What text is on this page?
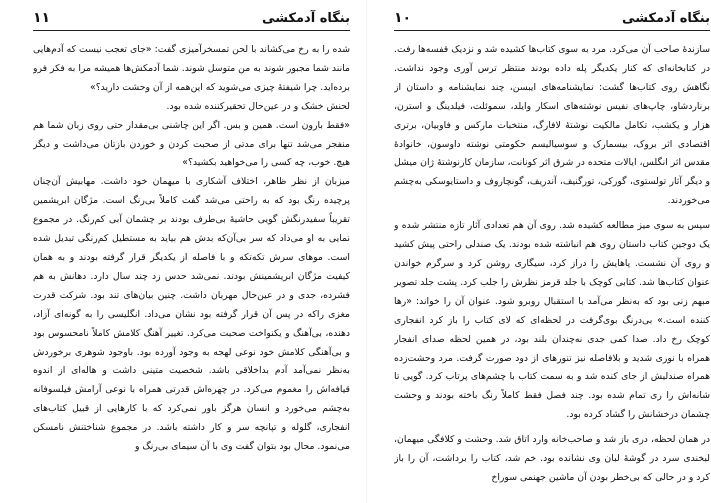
بنگاه آدمکشی
۱۱

شده را به رخ می‌کشاند با لحن تمسخرآمیزی گفت: «جای تعجب نیست که آدم‌هایی مانند شما مجبور شوند به من متوسل شوند. شما آدمکش‌ها همیشه مرا به فکر فرو برده‌اید. چرا شیفتهٔ چیزی می‌شوید که این‌همه از آن وحشت دارید؟»

لحنش خشک و در عین‌حال تحقیرکننده شده بود.

«فقط بارون است. همین و بس. اگر این چاشنی بی‌مقدار حتی روی زبان شما هم منفجر می‌شد تنها برای مدتی از صحبت کردن و خوردن بازتان می‌داشت و دیگر هیچ. خوب، چه کسی را می‌خواهید بکشید؟»

میزبان از نظر ظاهر، اختلاف آشکاری با میهمان خود داشت. مهابیش آن‌چنان پرچیده رنگ بود که به راحتی می‌شد گفت کاملاً بی‌رنگ است. مژگان ابریشمین تقریباً سفیدرنگش گویی حاشیهٔ بی‌طرف بودند بر چشمان آبی کم‌رنگ. در مجموع نمایی به او می‌داد که سر بی‌آن‌که بدش هم بیاید به مستطیل کم‌رنگی تبدیل شده است. موهای سرش تکه‌تکه و با فاصله از یکدیگر قرار گرفته بودند و به همان کیفیت مژگان ابریشمینش بودند. نمی‌شد حدس زد چند سال دارد. دهانش به هم فشرده، جدی و در عین‌حال مهربان داشت. چنین بیان‌های تند بود. شرکت قدرت مغزی راکه در پس آن قرار گرفته بود نشان می‌داد. انگلیسی را به گونه‌ای آزاد، دهنده، بی‌آهنگ و یکنواخت صحبت می‌کرد. تغییر آهنگ کلامش کاملاً نامحسوس بود و بی‌آهنگی کلامش خود نوعی لهجه به وجود آورده بود. باوجود شوهری برخوردش به‌نظر نمی‌آمد آدم بداخلاقی باشد. شخصیت متینی داشت و هاله‌ای از اندوه قیافه‌اش را مغموم می‌کرد. در چهره‌اش قدرتی همراه با نوعی آرامش فیلسوفانه به‌چشم می‌خورد و انسان هرگز باور نمی‌کرد که با کارهایی از قبیل کتاب‌های انفجاری، گلوله و تپانچه سر و کار داشته باشد. در مجموع شناختنش نامسکن می‌نمود. محال بود بتوان گفت وی با آن سیمای بی‌رنگ و

بنگاه آدمکشی
۱۰

سازندهٔ صاحب آن می‌کرد. مرد به سوی کتاب‌ها کشیده شد و نزدیک قفسه‌ها رفت. در کتابخانه‌ای که کنار یکدیگر پله داده بودند منتظر ترس آوری وجود نداشت. نگاهش روی کتاب‌ها گشت: نمایشنامه‌های ایبسن، چند نمایشنامه و داستان از برناردشاو، چاپ‌های نفیس نوشته‌های اسکار وایلد، سموئلت، فیلدینگ و استرن، هزار و یکشب، تکامل مالکیت نوشتهٔ لافارگ، منتخبات مارکس و فاوبیان، برتری اقتصادی اثر بروک، بیسمارک و سوسیالیسم حکومتی نوشته داوسون، خانوادهٔ مقدس اثر انگلس، ایالات متحده در شرق اثر کونانت، سازمان کارنوشتهٔ ژان میشل و دیگر آثار تولستوی، گورکی، تورگنیف، آندریف، گونچاروف و داستایوسکی به‌چشم می‌خوردند.

سپس به سوی میز مطالعه کشیده شد. روی آن هم تعدادی آثار تازه منتشر شده و یک دوجین کتاب داستان روی هم انباشته شده بودند. یک صندلی راحتی پیش کشید و روی آن نشست. پاهایش را دراز کرد، سیگاری روشن کرد و سرگرم خواندن عنوان کتاب‌ها شد. کتابی کوچک با جلد قرمز نظرش را جلب کرد. پشت جلد تصویر مبهم زنی بود که به‌نظر می‌آمد با استقبال روبرو شود. عنوان آن را خواند: «رها کننده است.» بی‌درنگ بوی‌گرفت در لحظه‌ای که لای کتاب را باز کرد انفجاری کوچک رخ داد. صدا کمی جدی نه‌چندان بلند بود، در همین لحظه صدای انفجار همراه با نوری شدید و بلافاصله نیز تنورهای از دود صورت گرفت. مرد وحشت‌زده همراه صندلیش از جای کنده شد و به سمت کتاب با چشم‌های پرتاب کرد. گویی تا شانه‌اش را ری تمام شده بود. چند فصل فقط کاملاً رنگ باخته بودند و وحشت چشمان درخشانش را گشاد کرده بود.

در همان لحظه، دری باز شد و صاحب‌خانه وارد اتاق شد. وحشت و کلافگی میهمان، لبخندی سرد در گوشهٔ لبان وی نشانده بود. خم شد، کتاب را برداشت، آن را باز کرد و در حالی که بی‌خطر بودن آن ماشین جهنمی سوراخ
